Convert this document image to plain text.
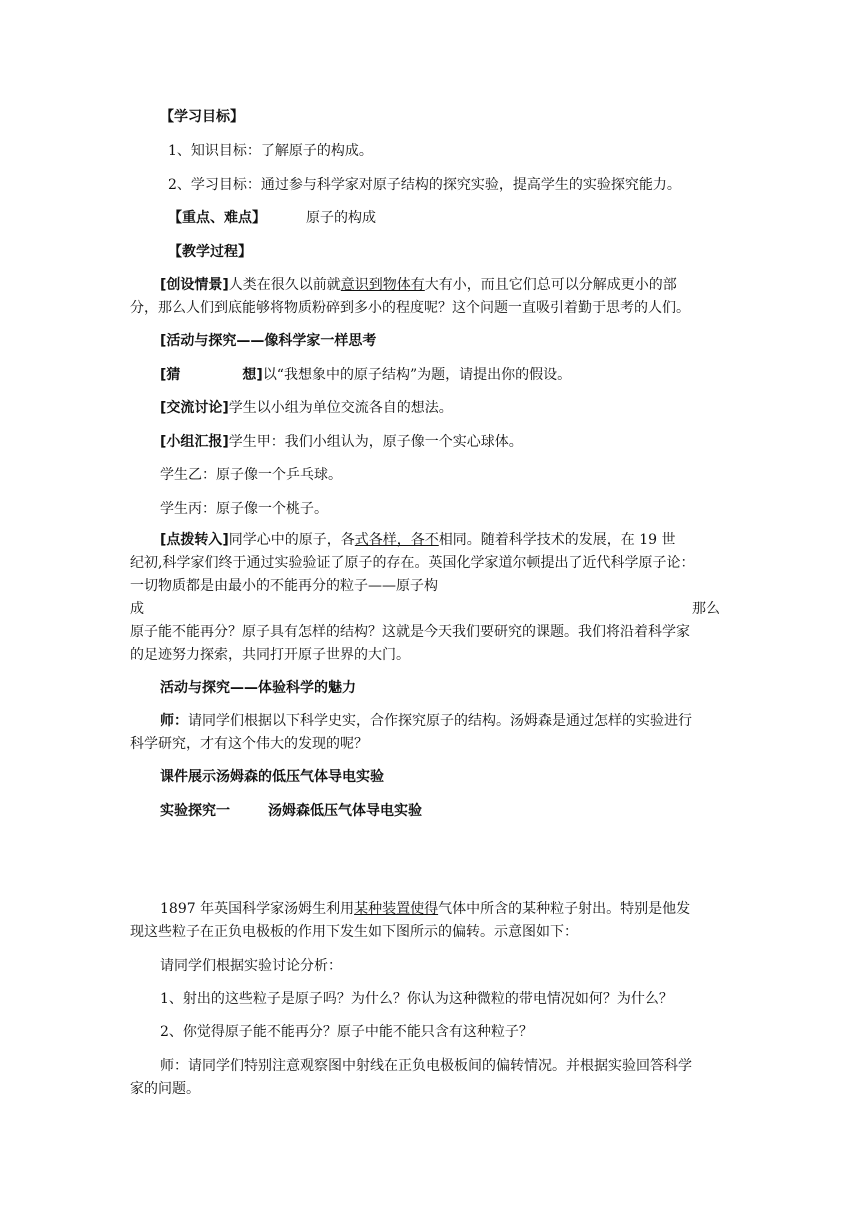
【学习目标】
1、知识目标：了解原子的构成。
2、学习目标：通过参与科学家对原子结构的探究实验，提高学生的实验探究能力。
【重点、难点】	原子的构成
【教学过程】
[创设情景]人类在很久以前就意识到物体有大有小，而且它们总可以分解成更小的部
分，那么人们到底能够将物质粉碎到多小的程度呢？这个问题一直吸引着勤于思考的人们。
[活动与探究——像科学家一样思考
[猜	想]以“我想象中的原子结构”为题，请提出你的假设。
[交流讨论]学生以小组为单位交流各自的想法。
[小组汇报]学生甲：我们小组认为，原子像一个实心球体。
学生乙：原子像一个乒乓球。
学生丙：原子像一个桃子。
[点拨转入]同学心中的原子，各式各样，各不相同。随着科学技术的发展，在 19 世
纪初,科学家们终于通过实验验证了原子的存在。英国化学家道尔顿提出了近代科学原子论：
一切物质都是由最小的不能再分的粒子——原子构
成	那么
原子能不能再分？原子具有怎样的结构？这就是今天我们要研究的课题。我们将沿着科学家
的足迹努力探索，共同打开原子世界的大门。
活动与探究——体验科学的魅力
师：请同学们根据以下科学史实，合作探究原子的结构。汤姆森是通过怎样的实验进行
科学研究，才有这个伟大的发现的呢？
课件展示汤姆森的低压气体导电实验
实验探究一	汤姆森低压气体导电实验
1897 年英国科学家汤姆生利用某种装置使得气体中所含的某种粒子射出。特别是他发
现这些粒子在正负电极板的作用下发生如下图所示的偏转。示意图如下：
请同学们根据实验讨论分析：
1、射出的这些粒子是原子吗？为什么？你认为这种微粒的带电情况如何？为什么？
2、你觉得原子能不能再分？原子中能不能只含有这种粒子？
师：请同学们特别注意观察图中射线在正负电极板间的偏转情况。并根据实验回答科学
家的问题。
